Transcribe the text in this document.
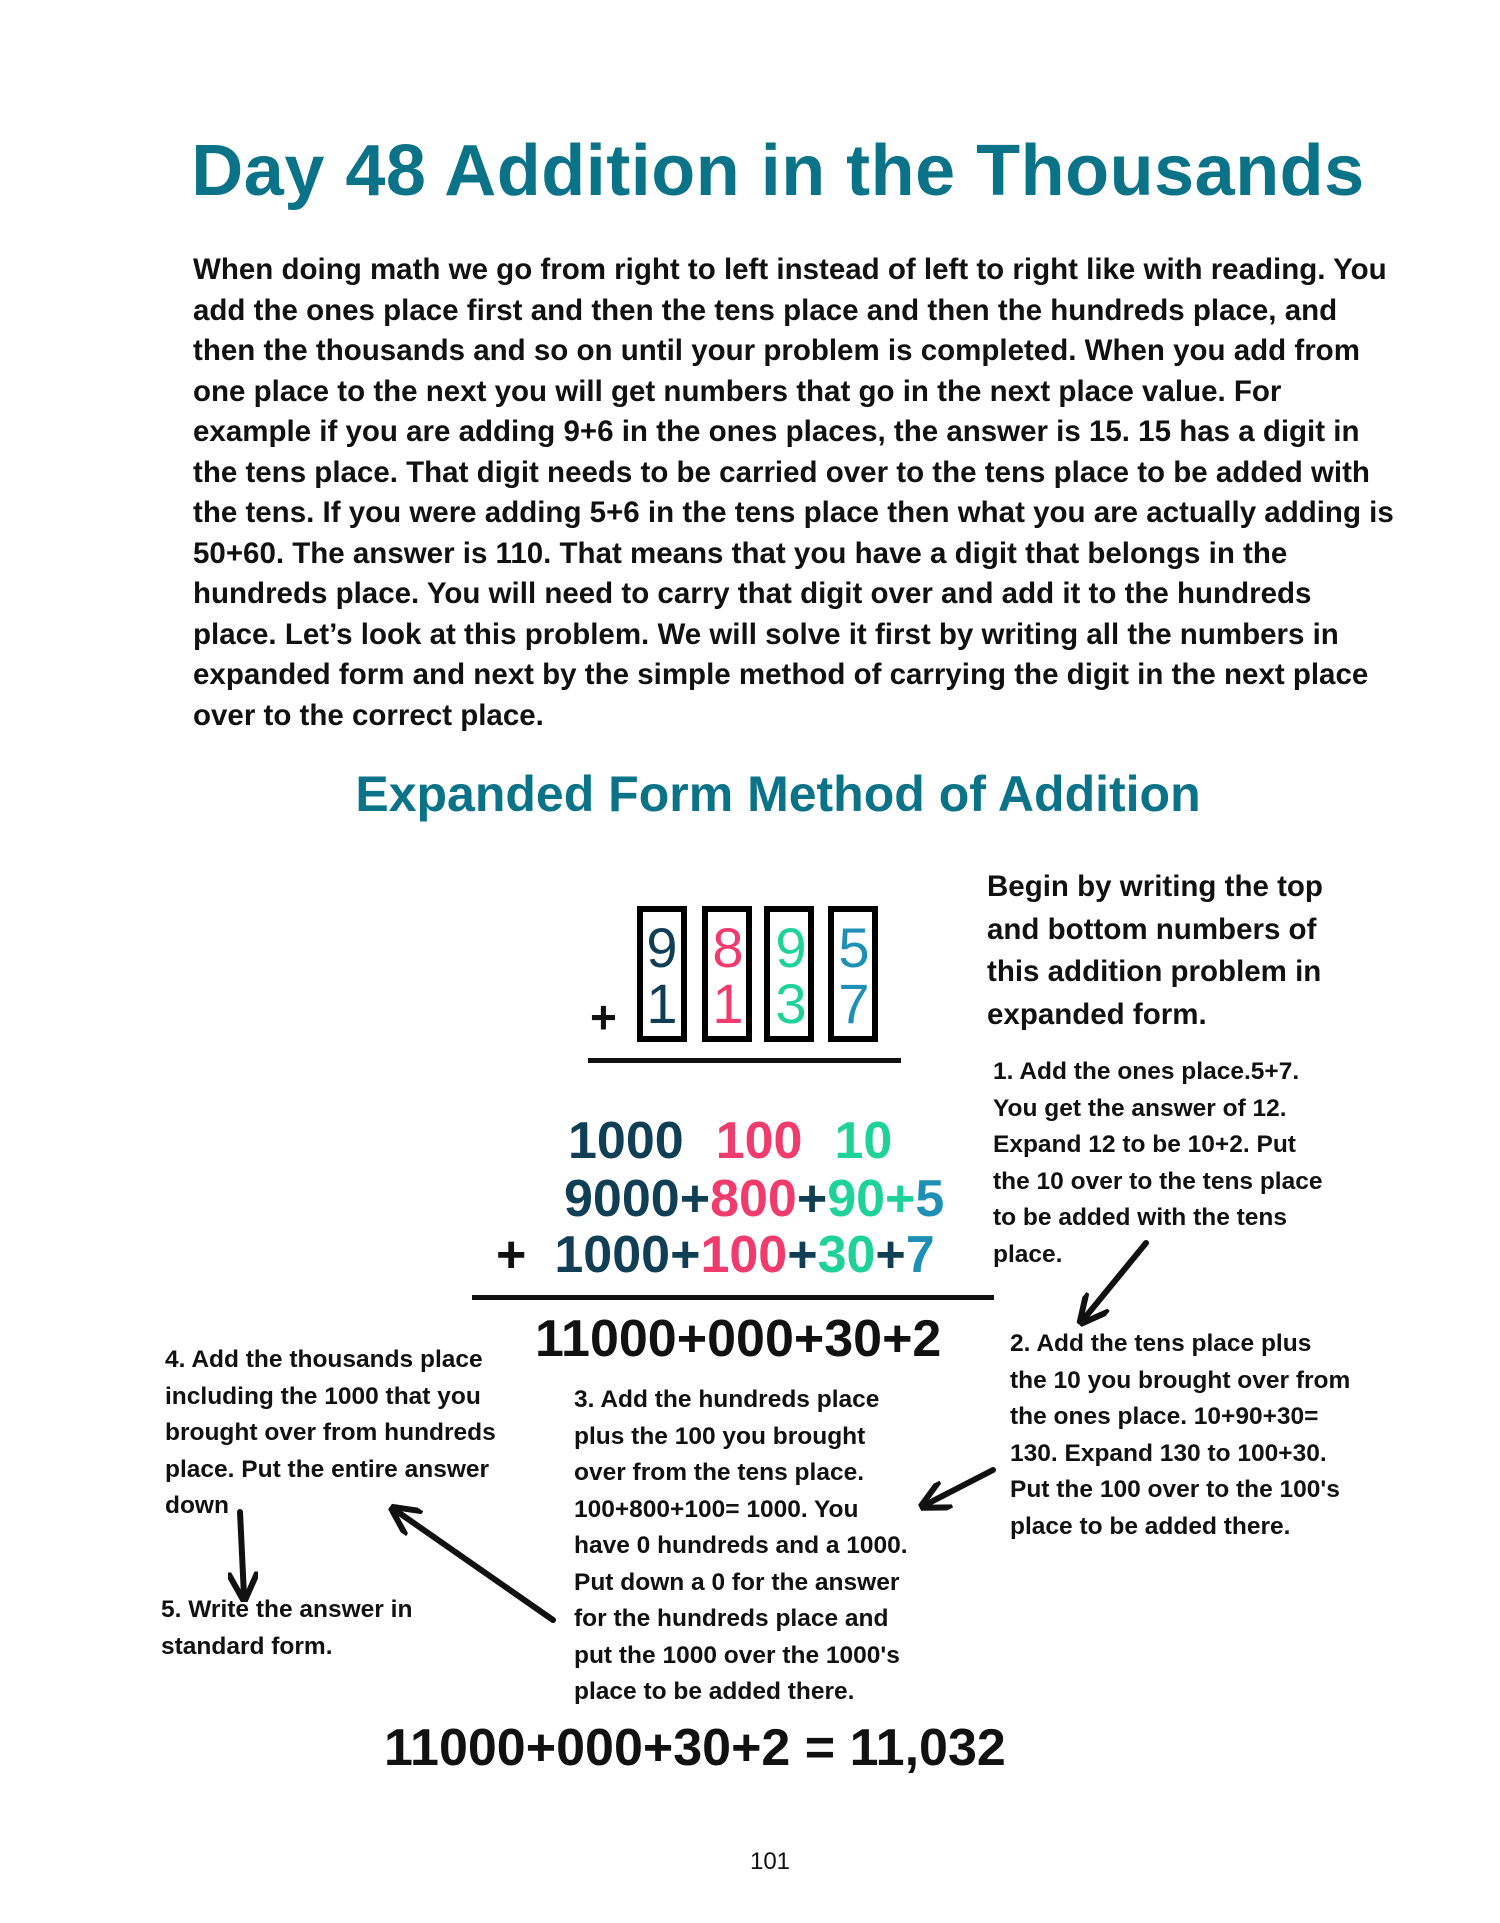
Day 48 Addition in the Thousands

When doing math we go from right to left instead of left to right like with reading. You
add the ones place first and then the tens place and then the hundreds place, and
then the thousands and so on until your problem is completed. When you add from
one place to the next you will get numbers that go in the next place value. For
example if you are adding 9+6 in the ones places, the answer is 15. 15 has a digit in
the tens place. That digit needs to be carried over to the tens place to be added with
the tens. If you were adding 5+6 in the tens place then what you are actually adding is
50+60. The answer is 110. That means that you have a digit that belongs in the
hundreds place. You will need to carry that digit over and add it to the hundreds
place. Let’s look at this problem. We will solve it first by writing all the numbers in
expanded form and next by the simple method of carrying the digit in the next place
over to the correct place.

Expanded Form Method of Addition
9 8 9 5
1 1 3 7
+
1000 100 10
9000+800+90+5
+ 1000+100+30+7
11000+000+30+2

Begin by writing the top
and bottom numbers of
this addition problem in
expanded form.

1. Add the ones place.5+7.
You get the answer of 12.
Expand 12 to be 10+2. Put
the 10 over to the tens place
to be added with the tens
place.

2. Add the tens place plus
the 10 you brought over from
the ones place. 10+90+30=
130. Expand 130 to 100+30.
Put the 100 over to the 100's
place to be added there.

3. Add the hundreds place
plus the 100 you brought
over from the tens place.
100+800+100= 1000. You
have 0 hundreds and a 1000.
Put down a 0 for the answer
for the hundreds place and
put the 1000 over the 1000's
place to be added there.

4. Add the thousands place
including the 1000 that you
brought over from hundreds
place. Put the entire answer
down

5. Write the answer in
standard form.

11000+000+30+2 = 11,032
101
